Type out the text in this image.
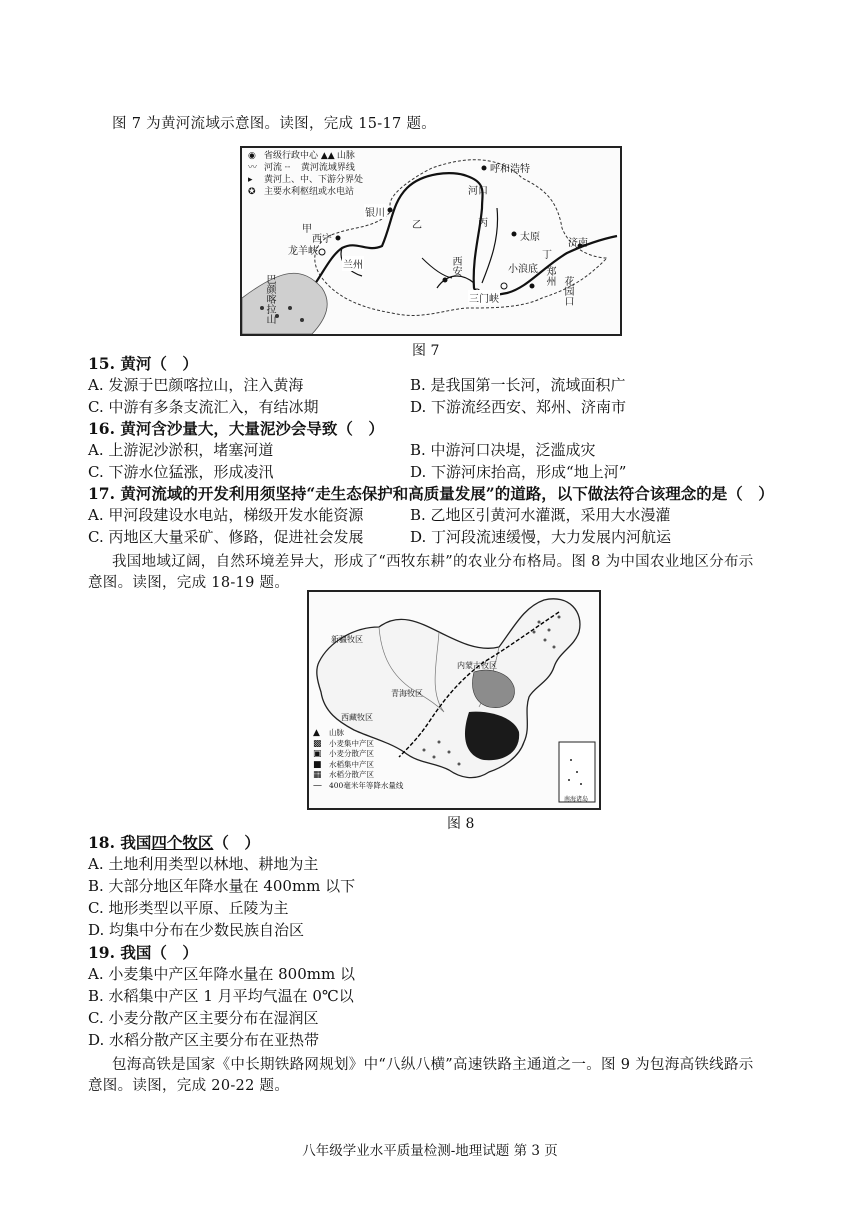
图 7 为黄河流域示意图。读图，完成 15-17 题。
◉ 省级行政中心 ▲▲ 山脉
〰 河流 ┈ 黄河流域界线
▸ 黄河上、中、下游分界处
✪ 主要水利枢纽或水电站
呼和浩特
银川
河口
太原
济南
西宁
兰州
龙羊峡
西安	郑州
三门峡
小浪底
花园口
甲	乙	丙
丁
巴颜喀拉山
图 7
15. 黄河（　）
A. 发源于巴颜喀拉山，注入黄海	B. 是我国第一长河，流域面积广
C. 中游有多条支流汇入，有结冰期	D. 下游流经西安、郑州、济南市
16. 黄河含沙量大，大量泥沙会导致（　）
A. 上游泥沙淤积，堵塞河道	B. 中游河口决堤，泛滥成灾
C. 下游水位猛涨，形成凌汛	D. 下游河床抬高，形成“地上河”
17. 黄河流域的开发利用须坚持“走生态保护和高质量发展”的道路，以下做法符合该理念的是（　）
A. 甲河段建设水电站，梯级开发水能资源	B. 乙地区引黄河水灌溉，采用大水漫灌
C. 丙地区大量采矿、修路，促进社会发展	D. 丁河段流速缓慢，大力发展内河航运
我国地域辽阔，自然环境差异大，形成了“西牧东耕”的农业分布格局。图 8 为中国农业地区分布示
意图。读图，完成 18-19 题。
新疆牧区
青海牧区
内蒙古牧区
西藏牧区
南海诸岛
▲ 山脉
▩ 小麦集中产区
▣ 小麦分散产区
■ 水稻集中产区
▦ 水稻分散产区
— 400毫米年等降水量线
图 8
18. 我国四个牧区（　）
A. 土地利用类型以林地、耕地为主
B. 大部分地区年降水量在 400mm 以下
C. 地形类型以平原、丘陵为主
D. 均集中分布在少数民族自治区
19. 我国（　）
A. 小麦集中产区年降水量在 800mm 以
B. 水稻集中产区 1 月平均气温在 0℃以
C. 小麦分散产区主要分布在湿润区
D. 水稻分散产区主要分布在亚热带
包海高铁是国家《中长期铁路网规划》中“八纵八横”高速铁路主通道之一。图 9 为包海高铁线路示
意图。读图，完成 20-22 题。
八年级学业水平质量检测-地理试题 第 3 页
